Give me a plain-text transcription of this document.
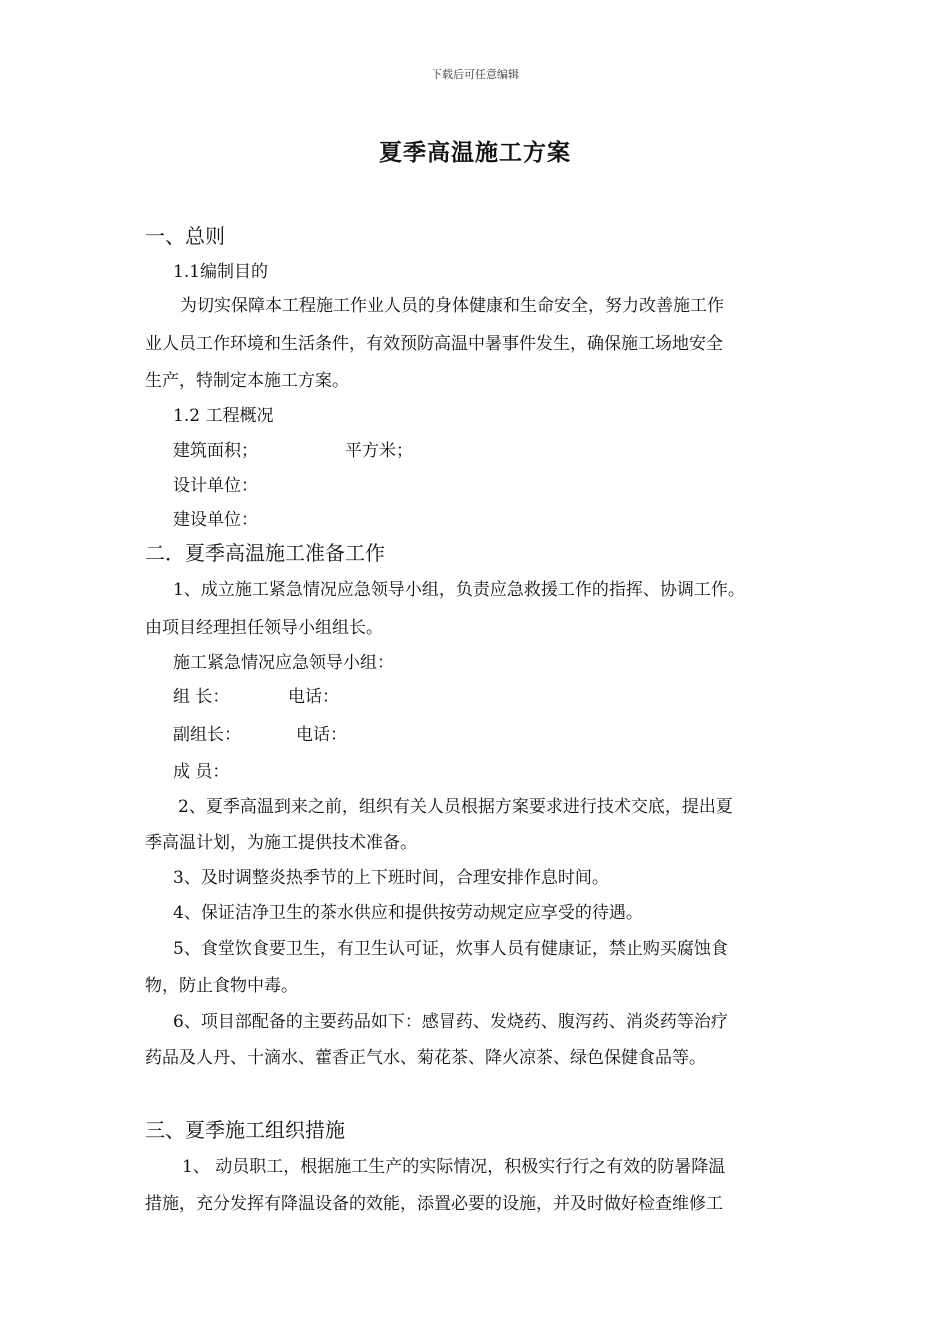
下载后可任意编辑
夏季高温施工方案
一、总则
1.1编制目的
为切实保障本工程施工作业人员的身体健康和生命安全，努力改善施工作
业人员工作环境和生活条件，有效预防高温中暑事件发生，确保施工场地安全
生产，特制定本施工方案。
1.2 工程概况
建筑面积；	平方米；
设计单位：
建设单位：
二．夏季高温施工准备工作
1、成立施工紧急情况应急领导小组，负责应急救援工作的指挥、协调工作。
由项目经理担任领导小组组长。
施工紧急情况应急领导小组：
组 长：	电话：
副组长：	电话：
成 员：
2、夏季高温到来之前，组织有关人员根据方案要求进行技术交底，提出夏
季高温计划，为施工提供技术准备。
3、及时调整炎热季节的上下班时间，合理安排作息时间。
4、保证洁净卫生的茶水供应和提供按劳动规定应享受的待遇。
5、食堂饮食要卫生，有卫生认可证，炊事人员有健康证，禁止购买腐蚀食
物，防止食物中毒。
6、项目部配备的主要药品如下：感冒药、发烧药、腹泻药、消炎药等治疗
药品及人丹、十滴水、藿香正气水、菊花茶、降火凉茶、绿色保健食品等。
三、夏季施工组织措施
1、 动员职工，根据施工生产的实际情况，积极实行行之有效的防暑降温
措施，充分发挥有降温设备的效能，添置必要的设施，并及时做好检查维修工
